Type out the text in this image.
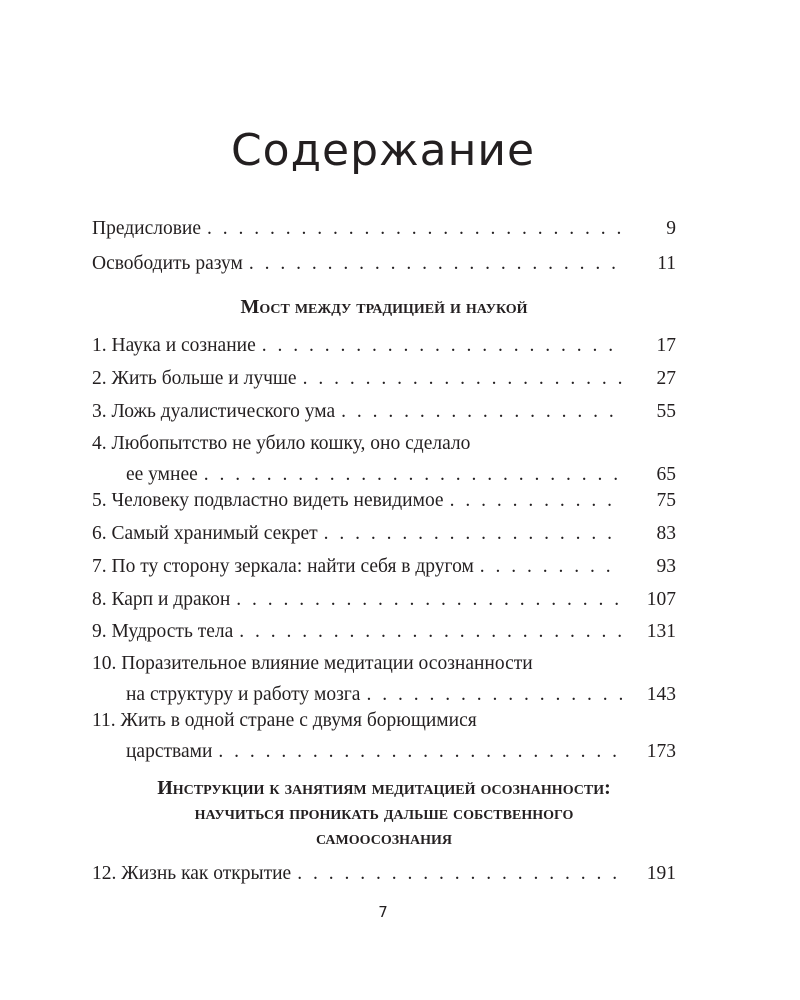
Содержание
Предисловие . . .	9
Освободить разум . . .	11
Мост между традицией и наукой
1. Наука и сознание . . .	17
2. Жить больше и лучше . . .	27
3. Ложь дуалистического ума . . .	55
4. Любопытство не убило кошку, оно сделало
ее умнее . . .	65
5. Человеку подвластно видеть невидимое . . .	75
6. Самый хранимый секрет . . .	83
7. По ту сторону зеркала: найти себя в другом . . .	93
8. Карп и дракон . . .	107
9. Мудрость тела . . .	131
10. Поразительное влияние медитации осознанности
на структуру и работу мозга . . .	143
11. Жить в одной стране с двумя борющимися
царствами . . .	173
Инструкции к занятиям медитацией осознанности:
научиться проникать дальше собственного
самоосознания
12. Жизнь как открытие . . .	191
7
